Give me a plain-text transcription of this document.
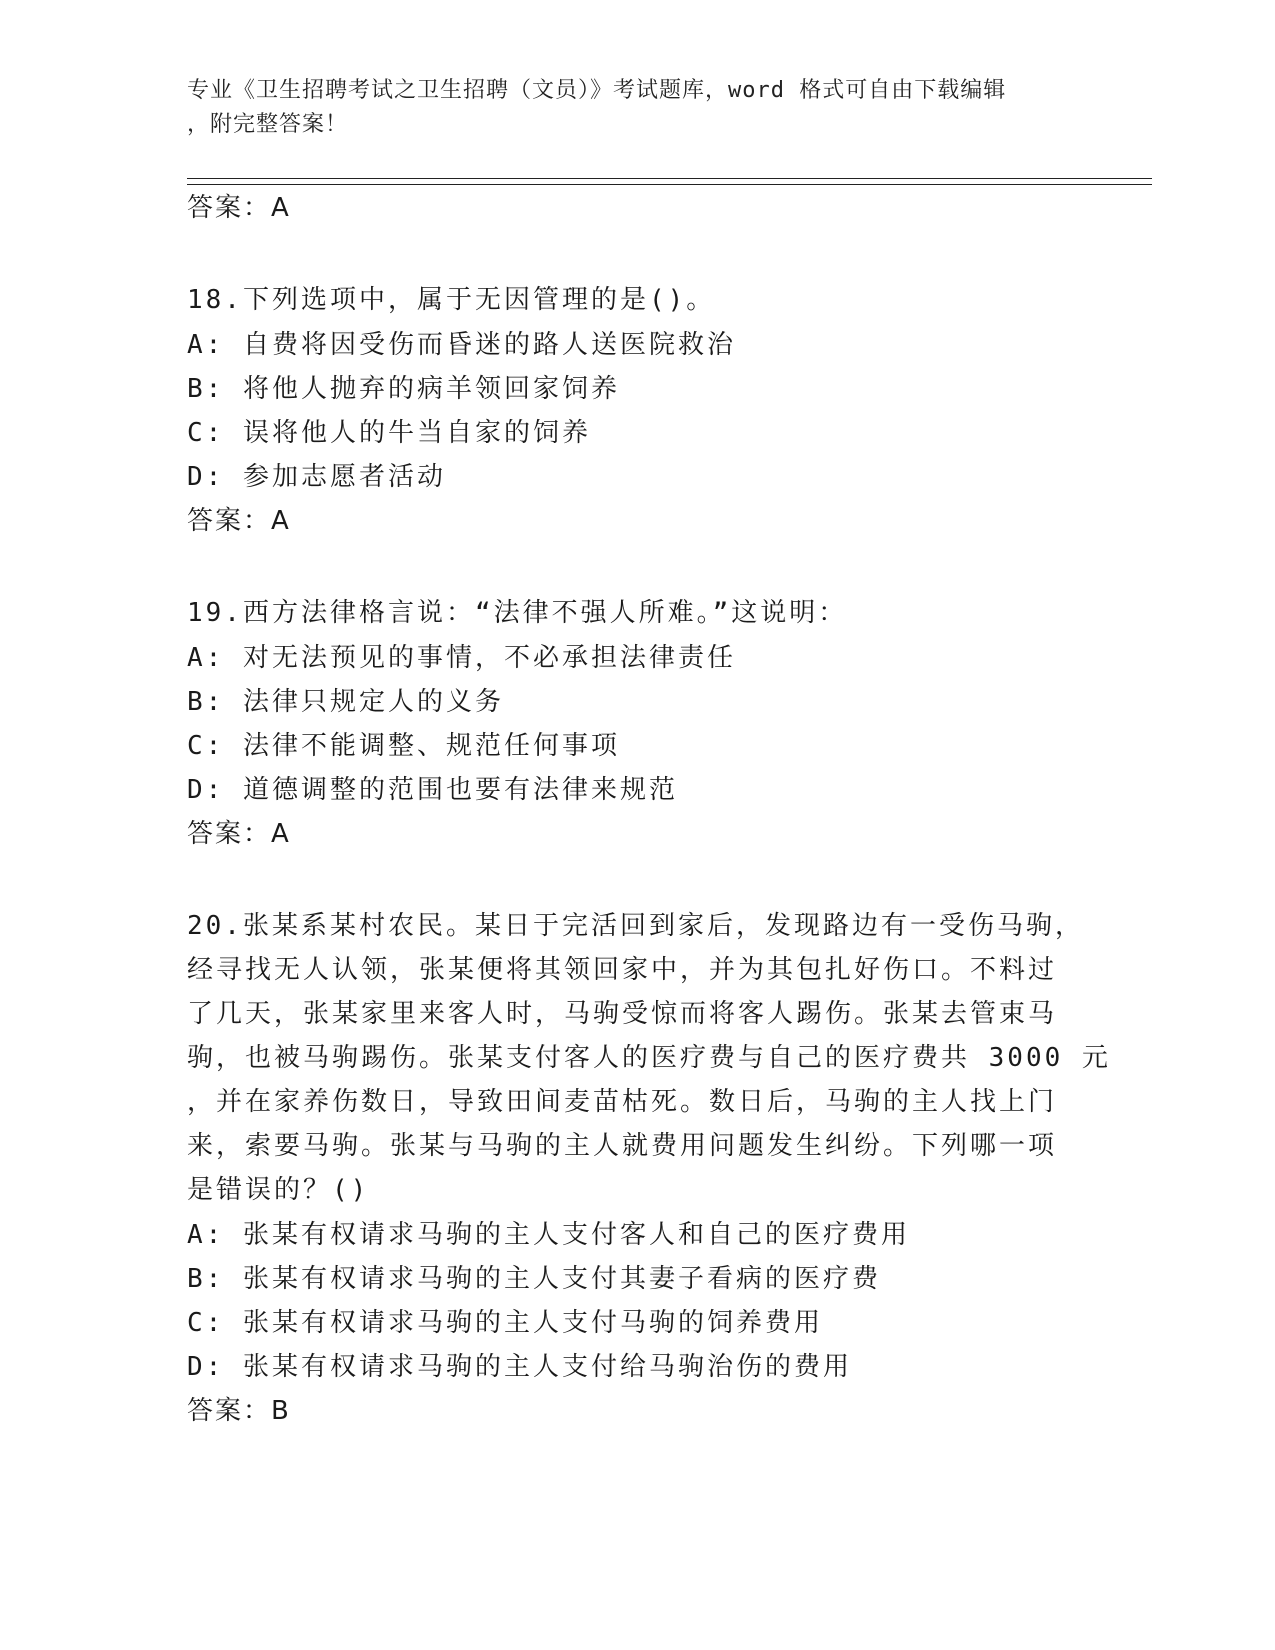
专业《卫生招聘考试之卫生招聘（文员）》考试题库，word 格式可自由下载编辑
，附完整答案！
答案：A
18.下列选项中，属于无因管理的是()。
A: 自费将因受伤而昏迷的路人送医院救治
B: 将他人抛弃的病羊领回家饲养
C: 误将他人的牛当自家的饲养
D: 参加志愿者活动
答案：A
19.西方法律格言说：“法律不强人所难。”这说明：
A: 对无法预见的事情，不必承担法律责任
B: 法律只规定人的义务
C: 法律不能调整、规范任何事项
D: 道德调整的范围也要有法律来规范
答案：A
20.张某系某村农民。某日于完活回到家后，发现路边有一受伤马驹，
经寻找无人认领，张某便将其领回家中，并为其包扎好伤口。不料过
了几天，张某家里来客人时，马驹受惊而将客人踢伤。张某去管束马
驹，也被马驹踢伤。张某支付客人的医疗费与自己的医疗费共 3000 元
，并在家养伤数日，导致田间麦苗枯死。数日后，马驹的主人找上门
来，索要马驹。张某与马驹的主人就费用问题发生纠纷。下列哪一项
是错误的？()
A: 张某有权请求马驹的主人支付客人和自己的医疗费用
B: 张某有权请求马驹的主人支付其妻子看病的医疗费
C: 张某有权请求马驹的主人支付马驹的饲养费用
D: 张某有权请求马驹的主人支付给马驹治伤的费用
答案：B
